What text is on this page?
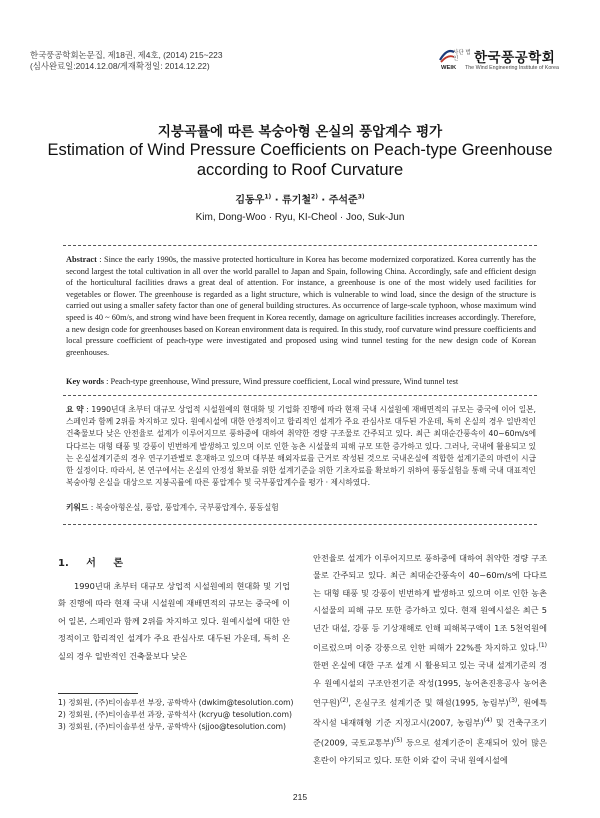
한국풍공학회논문집, 제18권, 제4호, (2014) 215~223
(심사완료일:2014.12.08/게재확정일: 2014.12.22)
사단 법인	한국풍공학회
WEIK The Wind Engineering Institute of Korea
지붕곡률에 따른 복숭아형 온실의 풍압계수 평가
Estimation of Wind Pressure Coefficients on Peach-type Greenhouse according to Roof Curvature
김동우$^{1)}$ · 류기철$^{2)}$ · 주석준$^{3)}$
Kim, Dong-Woo · Ryu, KI-Cheol · Joo, Suk-Jun
Abstract : Since the early 1990s, the massive protected horticulture in Korea has become modernized corporatized. Korea currently has the second largest the total cultivation in all over the world parallel to Japan and Spain, following China. Accordingly, safe and efficient design of the horticultural facilities draws a great deal of attention. For instance, a greenhouse is one of the most widely used facilities for vegetables or flower. The greenhouse is regarded as a light structure, which is vulnerable to wind load, since the design of the structure is carried out using a smaller safety factor than one of general building structures. As occurrence of large-scale typhoon, whose maximum wind speed is 40 ~ 60m/s, and strong wind have been frequent in Korea recently, damage on agriculture facilities increases accordingly. Therefore, a new design code for greenhouses based on Korean environment data is required. In this study, roof curvature wind pressure coefficients and local pressure coefficient of peach-type were investigated and proposed using wind tunnel testing for the new design code of Korean greenhouses.
Key words : Peach-type greenhouse, Wind pressure, Wind pressure coefficient, Local wind pressure, Wind tunnel test
요 약 : 1990년대 초부터 대규모 상업적 시설원예의 현대화 및 기업화 진행에 따라 현재 국내 시설원예 재배면적의 규모는 중국에 이어 일본, 스페인과 함께 2위를 차지하고 있다. 원예시설에 대한 안정적이고 합리적인 설계가 주요 관심사로 대두된 가운데, 특히 온실의 경우 일반적인 건축물보다 낮은 안전율로 설계가 이루어지므로 풍하중에 대하여 취약한 경량 구조물로 간주되고 있다. 최근 최대순간풍속이 40~60m/s에 다다르는 대형 태풍 및 강풍이 빈번하게 발생하고 있으며 이로 인한 농촌 시설물의 피해 규모 또한 증가하고 있다. 그러나, 국내에 활용되고 있는 온실설계기준의 경우 연구기관별로 혼재하고 있으며 대부분 해외자료를 근거로 작성된 것으로 국내온실에 적합한 설계기준의 마련이 시급한 실정이다. 따라서, 본 연구에서는 온실의 안정성 확보를 위한 설계기준을 위한 기초자료를 확보하기 위하여 풍동실험을 통해 국내 대표적인 복숭아형 온실을 대상으로 지붕곡률에 따른 풍압계수 및 국부풍압계수를 평가 · 제시하였다.
키워드 : 복숭아형온실, 풍압, 풍압계수, 국부풍압계수, 풍동실험
1. 서 론
1990년대 초부터 대규모 상업적 시설원예의 현대화 및 기업화 진행에 따라 현재 국내 시설원예 재배면적의 규모는 중국에 이어 일본, 스페인과 함께 2위를 차지하고 있다. 원예시설에 대한 안정적이고 합리적인 설계가 주요 관심사로 대두된 가운데, 특히 온실의 경우 일반적인 건축물보다 낮은
안전율로 설계가 이루어지므로 풍하중에 대하여 취약한 경량 구조물로 간주되고 있다. 최근 최대순간풍속이 40~60m/s에 다다르는 대형 태풍 및 강풍이 빈번하게 발생하고 있으며 이로 인한 농촌 시설물의 피해 규모 또한 증가하고 있다. 현재 원예시설은 최근 5년간 대설, 강풍 등 기상재해로 인해 피해복구액이 1조 5천억원에 이르렀으며 이중 강풍으로 인한 피해가 22%를 차지하고 있다.$^{(1)}$ 한편 온실에 대한 구조 설계 시 활용되고 있는 국내 설계기준의 경우 원예시설의 구조안전기준 작성(1995, 농어촌진흥공사 농어촌연구원)$^{(2)}$, 온실구조 설계기준 및 해설(1995, 농림부)$^{(3)}$, 원예특작시설 내재해형 기준 지정고시(2007, 농림부)$^{(4)}$ 및 건축구조기준(2009, 국토교통부)$^{(5)}$ 등으로 설계기준이 혼재되어 있어 많은 혼란이 야기되고 있다. 또한 이와 같이 국내 원예시설에
1) 정회원, (주)티이솔루션 부장, 공학박사 (dwkim@tesolution.com)
2) 정회원, (주)티이솔루션 과장, 공학석사 (kcryu@ tesolution.com)
3) 정회원, (주)티이솔루션 상무, 공학박사 (sjjoo@tesolution.com)
215
